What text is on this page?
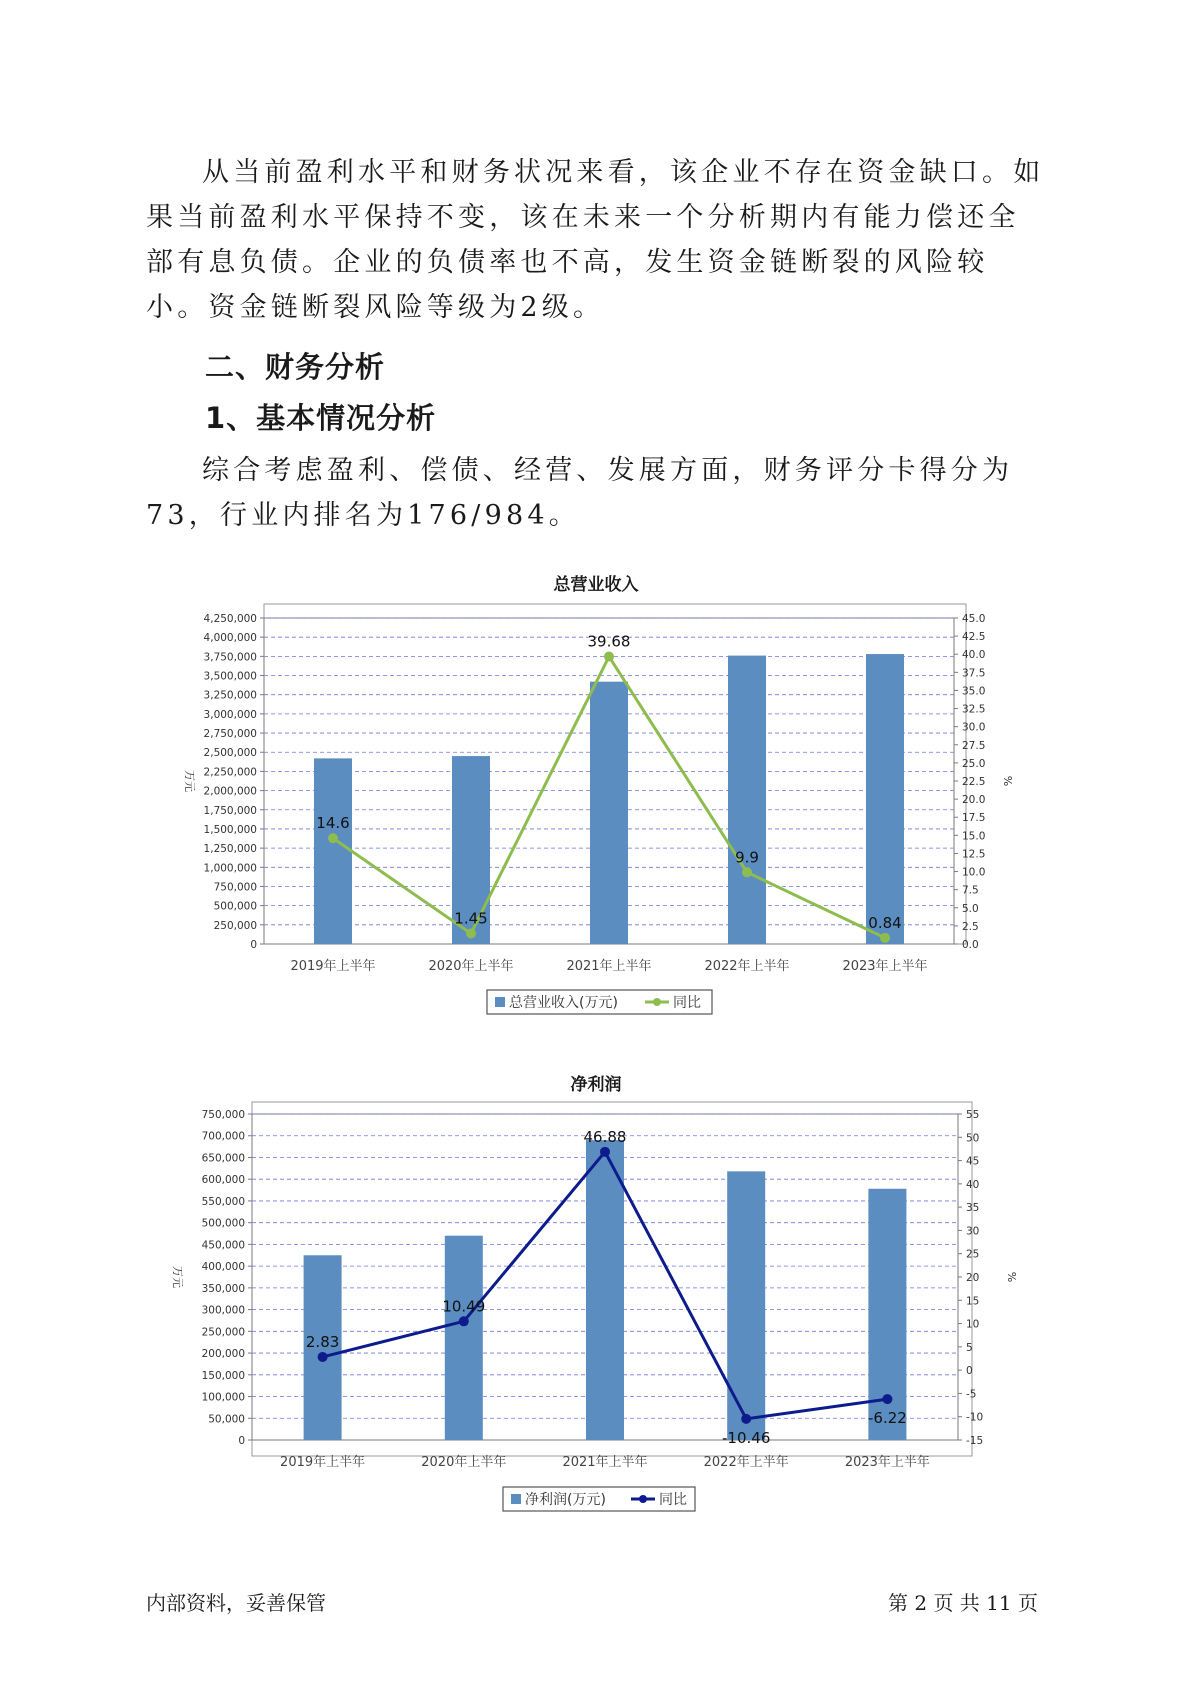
从当前盈利水平和财务状况来看，该企业不存在资金缺口。如果当前盈利水平保持不变，该在未来一个分析期内有能力偿还全部有息负债。企业的负债率也不高，发生资金链断裂的风险较小。资金链断裂风险等级为2级。

二、财务分析
1、基本情况分析

综合考虑盈利、偿债、经营、发展方面，财务评分卡得分为73，行业内排名为176/984。

总营业收入
0
250,000
500,000
750,000
1,000,000
1,250,000
1,500,000
1,750,000
2,000,000
2,250,000
2,500,000
2,750,000
3,000,000
3,250,000
3,500,000
3,750,000
4,000,000
4,250,000
0.0
2.5
5.0
7.5
10.0
12.5
15.0
17.5
20.0
22.5
25.0
27.5
30.0
32.5
35.0
37.5
40.0
42.5
45.0
万元	%
2019年上半年	2020年上半年	2021年上半年	2022年上半年	2023年上半年
14.6
1.45
39.68
9.9
0.84
总营业收入(万元)	同比
净利润
0
50,000
100,000
150,000
200,000
250,000
300,000
350,000
400,000
450,000
500,000
550,000
600,000
650,000
700,000
750,000
-15
-10
-5
0
5
10
15
20
25
30
35
40
45
50
55
万元	%
2019年上半年	2020年上半年	2021年上半年	2022年上半年	2023年上半年
2.83
10.49
46.88
-10.46
-6.22
净利润(万元)	同比
内部资料，妥善保管	第 2 页 共 11 页
